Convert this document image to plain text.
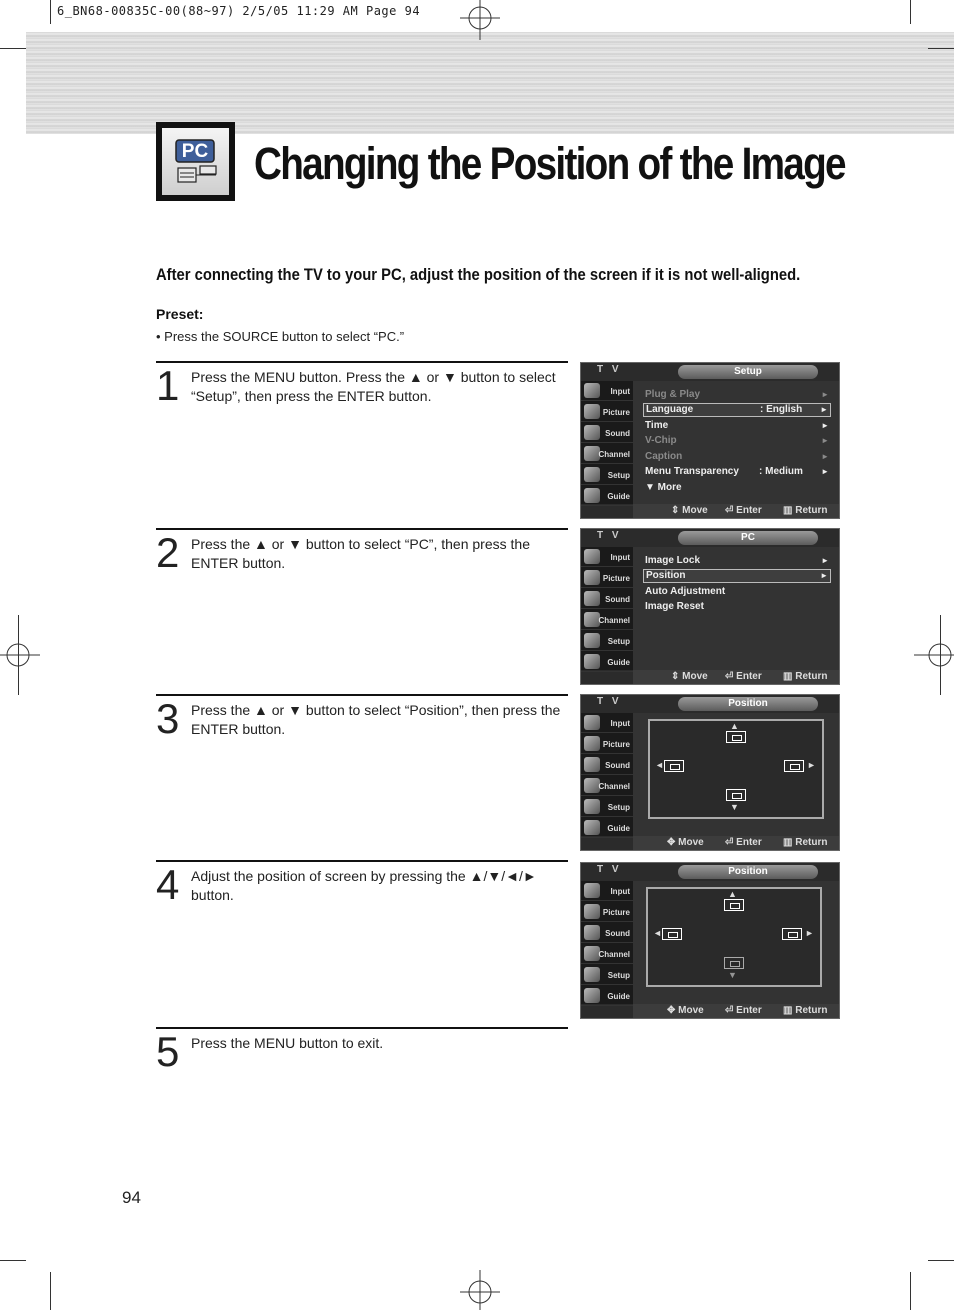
6_BN68-00835C-00(88~97) 2/5/05 11:29 AM Page 94
PC Changing the Position of the Image
After connecting the TV to your PC, adjust the position of the screen if it is not well-aligned.
Preset:
• Press the SOURCE button to select “PC.”
1 Press the MENU button. Press the ▲ or ▼ button to select “Setup”, then press the ENTER button.
2 Press the ▲ or ▼ button to select “PC”, then press the ENTER button.
3 Press the ▲ or ▼ button to select “Position”, then press the ENTER button.
4 Adjust the position of screen by pressing the ▲/▼/◄/► button.
5 Press the MENU button to exit.
T V	Setup
Input
Picture
Sound
Channel
Setup
Guide
Plug & Play	►
Language	: English ►
Time	►
V-Chip	►
Caption	►
Menu Transparency : Medium ►
▼ More
⇕ Move ⏎ Enter ▥ Return
T V	PC
Input
Picture
Sound
Channel
Setup
Guide
Image Lock	►
Position	►
Auto Adjustment
Image Reset
⇕ Move ⏎ Enter ▥ Return
T V	Position
Input
Picture
Sound
Channel
Setup
Guide
▲
◄	►
▼
✥ Move ⏎ Enter ▥ Return
T V	Position
Input
Picture
Sound
Channel
Setup
Guide
▲
◄	►
▼
✥ Move ⏎ Enter ▥ Return
94
